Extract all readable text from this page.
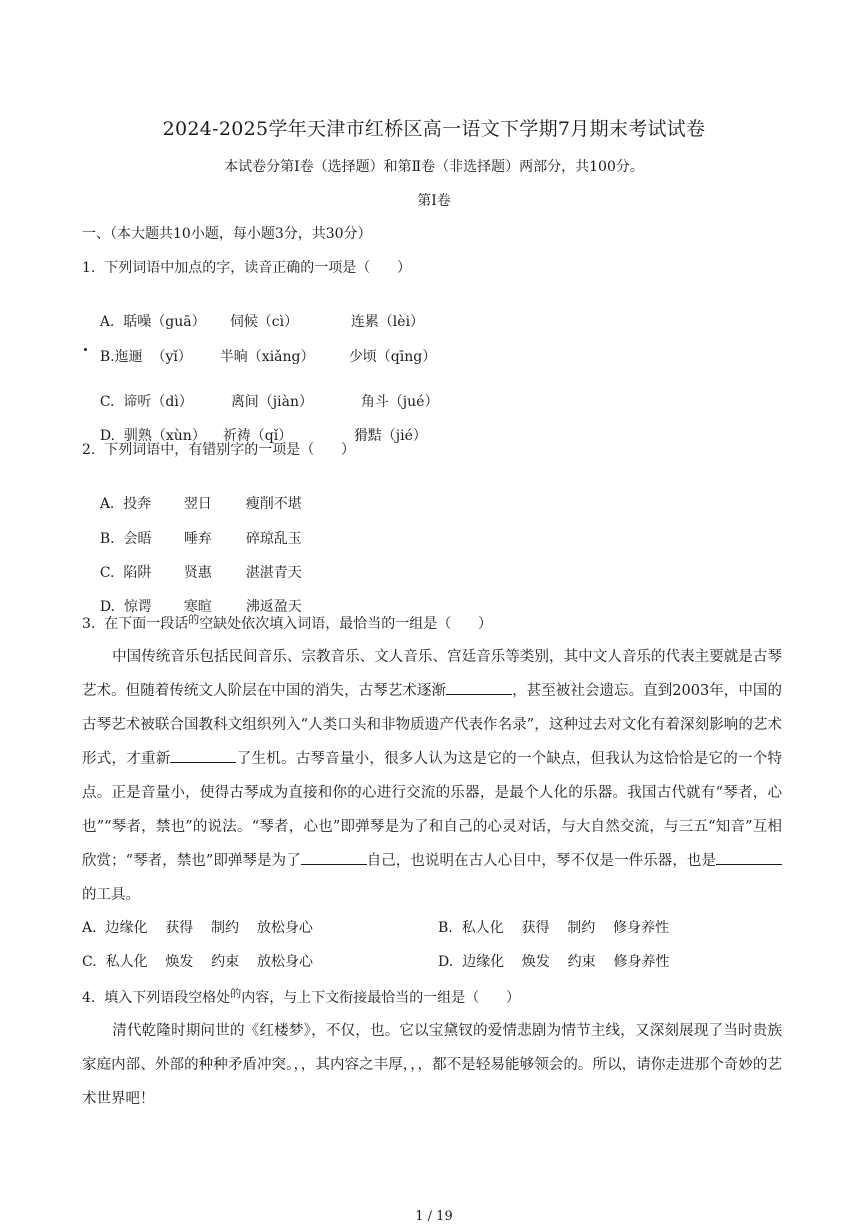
2024-2025学年天津市红桥区高一语文下学期7月期末考试试卷
本试卷分第Ⅰ卷（选择题）和第Ⅱ卷（非选择题）两部分，共100分。
第Ⅰ卷
一、（本大题共10小题，每小题3分，共30分）
1.  下列词语中加点的字，读音正确的一项是（      ）

A.  聒噪（guā） 伺候（cì）	连累（lèi）

B.迤逦  （yǐ） 半晌（xiǎng） 少顷（qīng）

C.  谛听（dì）	离间（jiàn）	角斗（jué）

D.  驯熟（xùn） 祈祷（qǐ）	猾黠（jié）

2.  下列词语中，有错别字的一项是（      ）

A.  投奔 翌日 瘦削不堪

B.  会晤 唾弃 碎琼乱玉

C.  陷阱 贤惠 湛湛青天

D.  惊谔 寒暄 沸返盈天

3.  在下面一段话$^的$空缺处依次填入词语，最恰当的一组是（      ）
中国传统音乐包括民间音乐、宗教音乐、文人音乐、宫廷音乐等类别，其中文人音乐的代表主要就是古琴艺术。但随着传统文人阶层在中国的消失，古琴艺术逐渐	，甚至被社会遗忘。直到2003年，中国的古琴艺术被联合国教科文组织列入“人类口头和非物质遗产代表作名录”，这种过去对文化有着深刻影响的艺术形式，才重新	了生机。古琴音量小，很多人认为这是它的一个缺点，但我认为这恰恰是它的一个特点。正是音量小，使得古琴成为直接和你的心进行交流的乐器，是最个人化的乐器。我国古代就有“琴者，心也”“琴者，禁也”的说法。“琴者，心也”即弹琴是为了和自己的心灵对话，与大自然交流，与三五“知音”互相欣赏；“琴者，禁也”即弹琴是为了	自己，也说明在古人心目中，琴不仅是一件乐器，也是的工具。
A.  边缘化    获得    制约    放松身心	B.  私人化    获得    制约    修身养性
C.  私人化    焕发    约束    放松身心	D.  边缘化    焕发    约束    修身养性
4.  填入下列语段空格处$^的$内容，与上下文衔接最恰当的一组是（      ）
清代乾隆时期问世的《红楼梦》，不仅，也。它以宝黛钗的爱情悲剧为情节主线，又深刻展现了当时贵族家庭内部、外部的种种矛盾冲突。，，其内容之丰厚，，，都不是轻易能够领会的。所以，请你走进那个奇妙的艺术世界吧！
1 / 19
